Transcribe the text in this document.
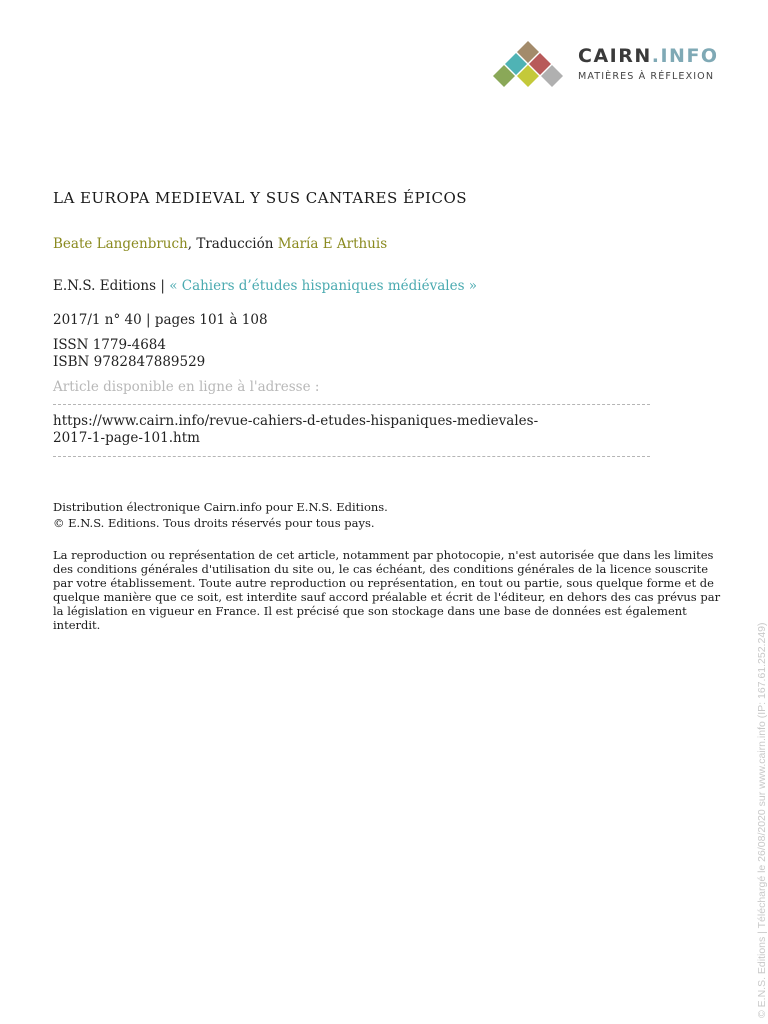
CAIRN.INFO
MATIÈRES À RÉFLEXION
LA EUROPA MEDIEVAL Y SUS CANTARES ÉPICOS
Beate Langenbruch, Traducción María E Arthuis
E.N.S. Editions | « Cahiers d’études hispaniques médiévales »
2017/1 n° 40 | pages 101 à 108
ISSN 1779-4684
ISBN 9782847889529
Article disponible en ligne à l'adresse :
https://www.cairn.info/revue-cahiers-d-etudes-hispaniques-medievales-2017-1-page-101.htm
Distribution électronique Cairn.info pour E.N.S. Editions.
© E.N.S. Editions. Tous droits réservés pour tous pays.
La reproduction ou représentation de cet article, notamment par photocopie, n'est autorisée que dans les limites des conditions générales d'utilisation du site ou, le cas échéant, des conditions générales de la licence souscrite par votre établissement. Toute autre reproduction ou représentation, en tout ou partie, sous quelque forme et de quelque manière que ce soit, est interdite sauf accord préalable et écrit de l'éditeur, en dehors des cas prévus par la législation en vigueur en France. Il est précisé que son stockage dans une base de données est également interdit.	© E.N.S. Editions | Téléchargé le 26/08/2020 sur www.cairn.info (IP: 167.61.252.249)
